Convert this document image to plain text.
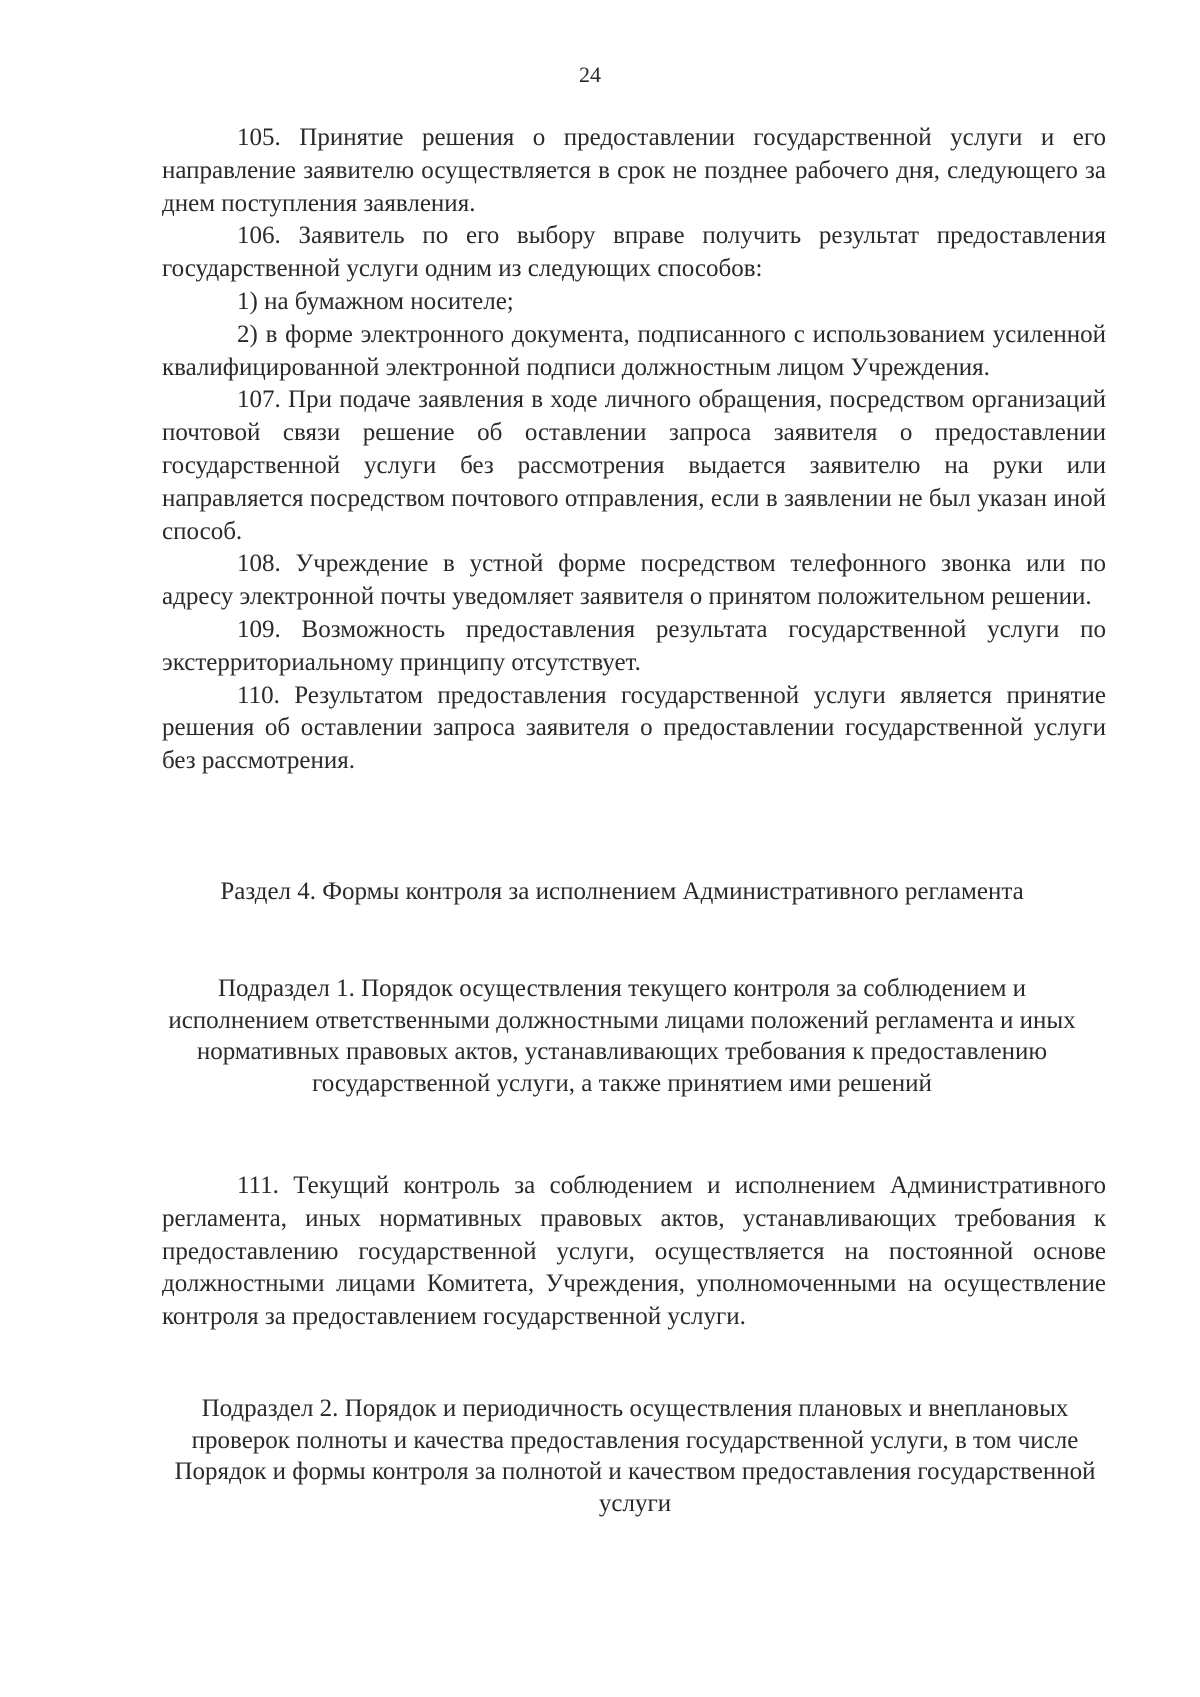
24

105. Принятие решения о предоставлении государственной услуги и его направление заявителю осуществляется в срок не позднее рабочего дня, следующего за днем поступления заявления.

106. Заявитель по его выбору вправе получить результат предоставления государственной услуги одним из следующих способов:

1) на бумажном носителе;

2) в форме электронного документа, подписанного с использованием усиленной квалифицированной электронной подписи должностным лицом Учреждения.

107. При подаче заявления в ходе личного обращения, посредством организаций почтовой связи решение об оставлении запроса заявителя о предоставлении государственной услуги без рассмотрения выдается заявителю на руки или направляется посредством почтового отправления, если в заявлении не был указан иной способ.

108. Учреждение в устной форме посредством телефонного звонка или по адресу электронной почты уведомляет заявителя о принятом положительном решении.

109. Возможность предоставления результата государственной услуги по экстерриториальному принципу отсутствует.

110. Результатом предоставления государственной услуги является принятие решения об оставлении запроса заявителя о предоставлении государственной услуги без рассмотрения.

Раздел 4. Формы контроля за исполнением Административного регламента
Подраздел 1. Порядок осуществления текущего контроля за соблюдением и исполнением ответственными должностными лицами положений регламента и иных нормативных правовых актов, устанавливающих требования к предоставлению государственной услуги, а также принятием ими решений

111. Текущий контроль за соблюдением и исполнением Административного регламента, иных нормативных правовых актов, устанавливающих требования к предоставлению государственной услуги, осуществляется на постоянной основе должностными лицами Комитета, Учреждения, уполномоченными на осуществление контроля за предоставлением государственной услуги.

Подраздел 2. Порядок и периодичность осуществления плановых и внеплановых проверок полноты и качества предоставления государственной услуги, в том числе Порядок и формы контроля за полнотой и качеством предоставления государственной услуги
